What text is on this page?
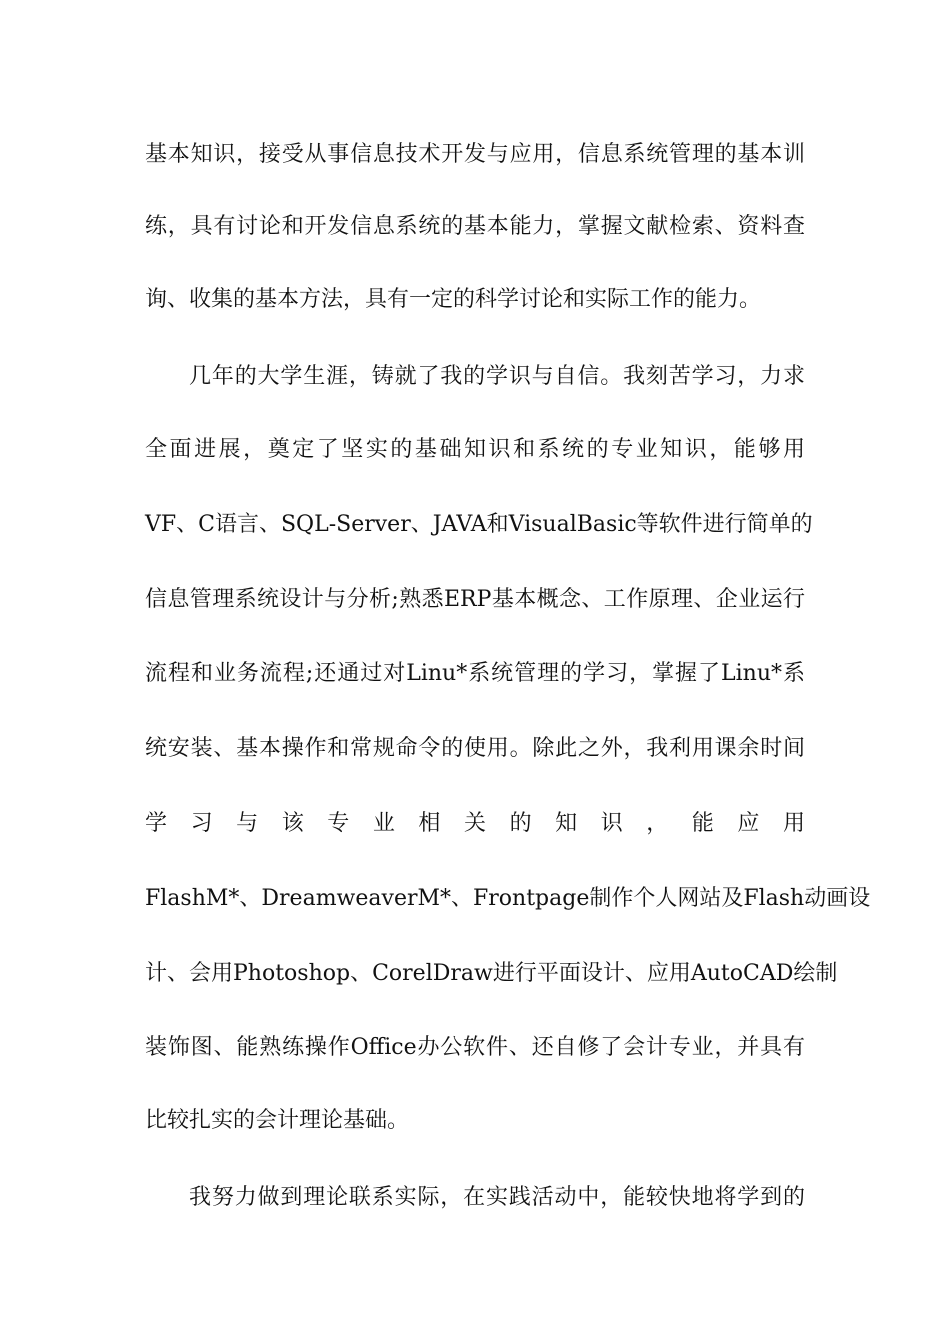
基本知识，接受从事信息技术开发与应用，信息系统管理的基本训
练，具有讨论和开发信息系统的基本能力，掌握文献检索、资料查
询、收集的基本方法，具有一定的科学讨论和实际工作的能力。
几年的大学生涯，铸就了我的学识与自信。我刻苦学习，力求
全面进展，奠定了坚实的基础知识和系统的专业知识，能够用
VF、C语言、SQL-Server、JAVA和VisualBasic等软件进行简单的
信息管理系统设计与分析;熟悉ERP基本概念、工作原理、企业运行
流程和业务流程;还通过对Linu*系统管理的学习，掌握了Linu*系
统安装、基本操作和常规命令的使用。除此之外，我利用课余时间
学 习 与 该 专 业 相 关 的 知 识 ， 能 应 用
FlashM*、DreamweaverM*、Frontpage制作个人网站及Flash动画设
计、会用Photoshop、CorelDraw进行平面设计、应用AutoCAD绘制
装饰图、能熟练操作Office办公软件、还自修了会计专业，并具有
比较扎实的会计理论基础。
我努力做到理论联系实际，在实践活动中，能较快地将学到的
